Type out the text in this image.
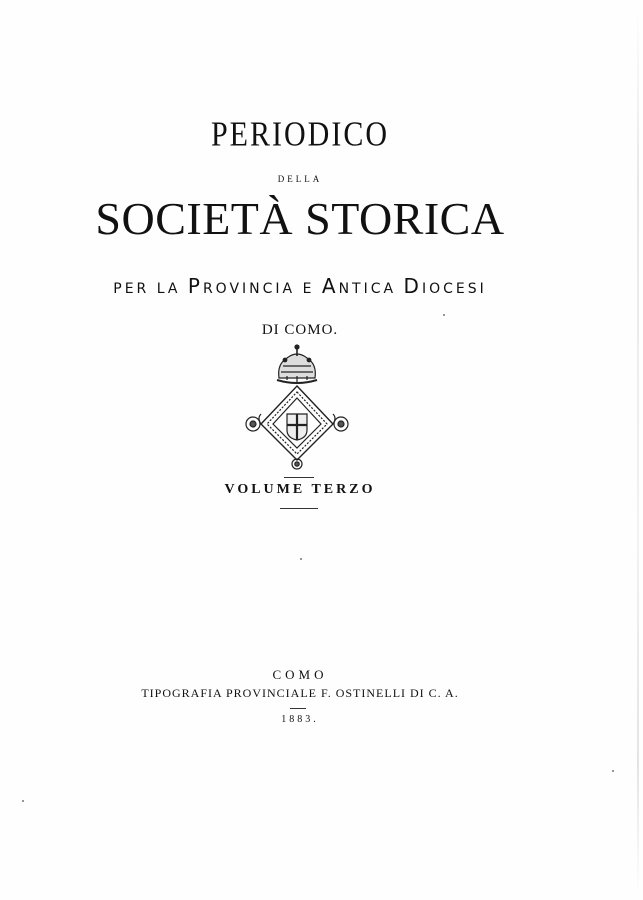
PERIODICO
DELLA
SOCIETÀ STORICA
PER LA PROVINCIA E ANTICA DIOCESI
DI COMO.
VOLUME TERZO
COMO
TIPOGRAFIA PROVINCIALE F. OSTINELLI DI C. A.
1883.
